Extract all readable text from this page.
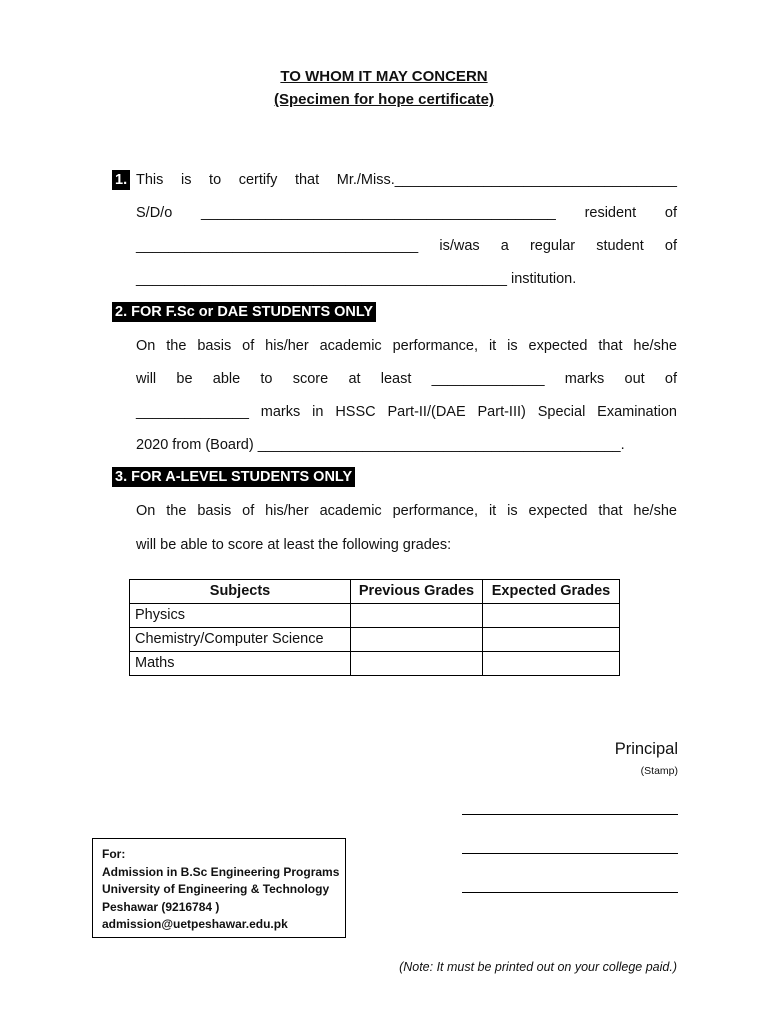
TO WHOM IT MAY CONCERN
(Specimen for hope certificate)
1. This is to certify that Mr./Miss.___________________________________
S/D/o ____________________________________________ resident of
___________________________________ is/was a regular student of
______________________________________________ institution.
2. FOR F.Sc or DAE STUDENTS ONLY
On the basis of his/her academic performance, it is expected that he/she
will be able to score at least ______________ marks out of
______________ marks in HSSC Part-II/(DAE Part-III) Special Examination
2020 from (Board) _____________________________________________.
3. FOR A-LEVEL STUDENTS ONLY
On the basis of his/her academic performance, it is expected that he/she
will be able to score at least the following grades:
Subjects	Previous Grades	Expected Grades
Physics		
Chemistry/Computer Science		
Maths		
Principal
(Stamp)
For:
Admission in B.Sc Engineering Programs
University of Engineering & Technology
Peshawar (9216784 )
admission@uetpeshawar.edu.pk
(Note: It must be printed out on your college paid.)
